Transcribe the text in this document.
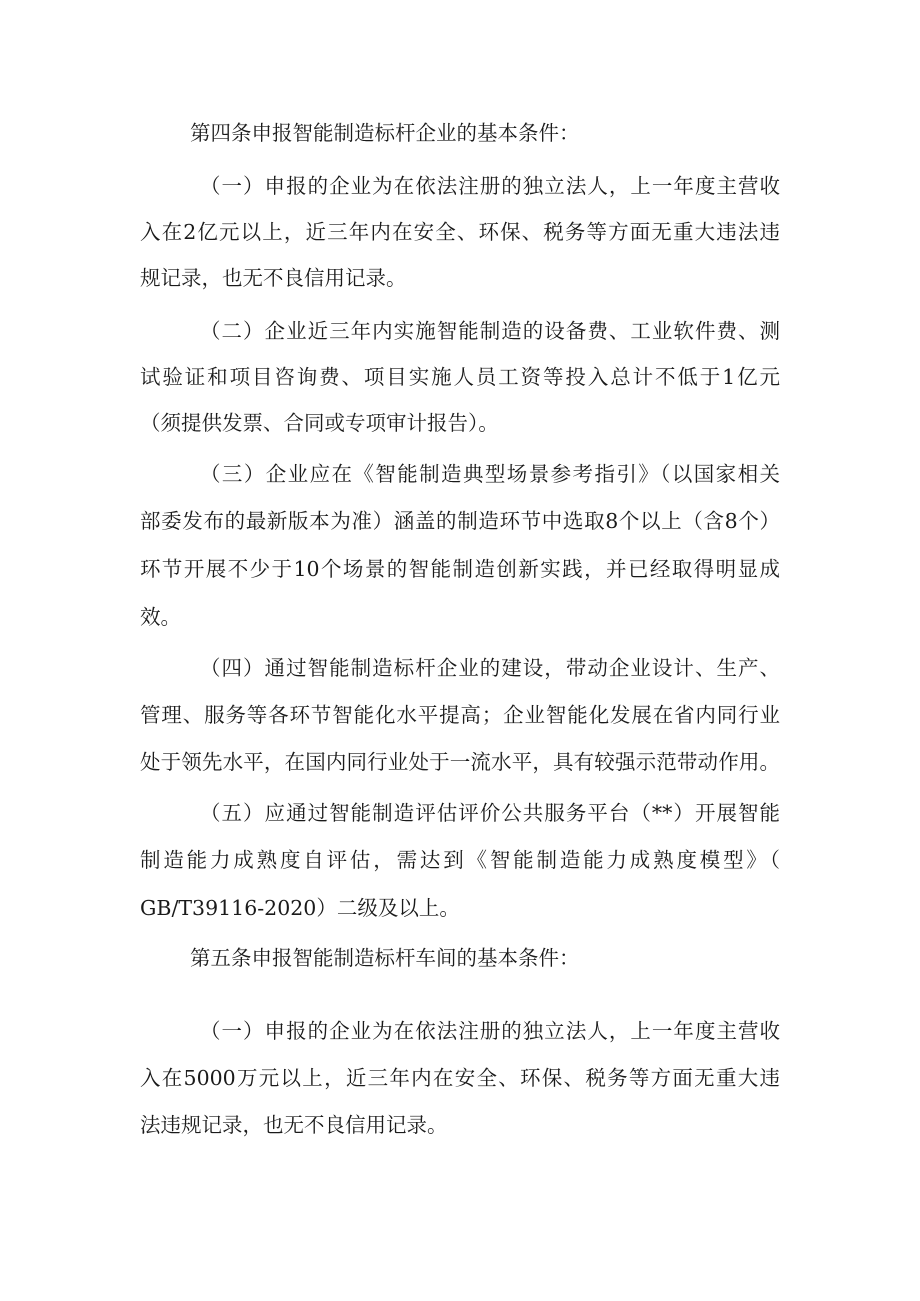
第四条申报智能制造标杆企业的基本条件：
（一）申报的企业为在依法注册的独立法人，上一年度主营收
入在2亿元以上，近三年内在安全、环保、税务等方面无重大违法违
规记录，也无不良信用记录。
（二）企业近三年内实施智能制造的设备费、工业软件费、测
试验证和项目咨询费、项目实施人员工资等投入总计不低于1亿元
（须提供发票、合同或专项审计报告）。
（三）企业应在《智能制造典型场景参考指引》（以国家相关
部委发布的最新版本为准）涵盖的制造环节中选取8个以上（含8个）
环节开展不少于10个场景的智能制造创新实践，并已经取得明显成
效。
（四）通过智能制造标杆企业的建设，带动企业设计、生产、
管理、服务等各环节智能化水平提高；企业智能化发展在省内同行业
处于领先水平，在国内同行业处于一流水平，具有较强示范带动作用。
（五）应通过智能制造评估评价公共服务平台（**）开展智能
制造能力成熟度自评估，需达到《智能制造能力成熟度模型》（
GB/T39116-2020）二级及以上。
第五条申报智能制造标杆车间的基本条件：
（一）申报的企业为在依法注册的独立法人，上一年度主营收
入在5000万元以上，近三年内在安全、环保、税务等方面无重大违
法违规记录，也无不良信用记录。
